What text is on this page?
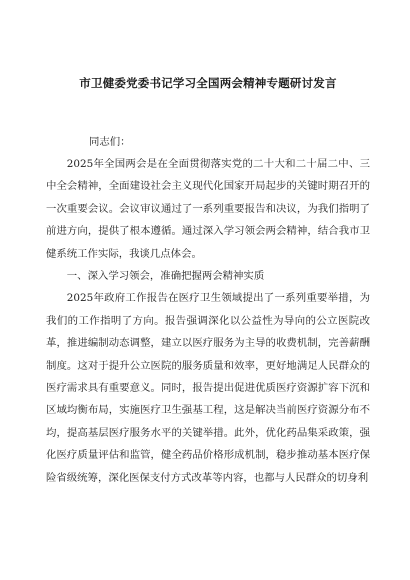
市卫健委党委书记学习全国两会精神专题研讨发言
同志们：

2025年全国两会是在全面贯彻落实党的二十大和二十届二中、三中全会精神，全面建设社会主义现代化国家开局起步的关键时期召开的一次重要会议。会议审议通过了一系列重要报告和决议，为我们指明了前进方向，提供了根本遵循。通过深入学习领会两会精神，结合我市卫健系统工作实际，我谈几点体会。

一、深入学习领会，准确把握两会精神实质

2025年政府工作报告在医疗卫生领域提出了一系列重要举措，为我们的工作指明了方向。报告强调深化以公益性为导向的公立医院改革，推进编制动态调整，建立以医疗服务为主导的收费机制，完善薪酬制度。这对于提升公立医院的服务质量和效率，更好地满足人民群众的医疗需求具有重要意义。同时，报告提出促进优质医疗资源扩容下沉和区域均衡布局，实施医疗卫生强基工程，这是解决当前医疗资源分布不均，提高基层医疗服务水平的关键举措。此外，优化药品集采政策，强化医疗质量评估和监管，健全药品价格形成机制，稳步推动基本医疗保险省级统筹，深化医保支付方式改革等内容，也都与人民群众的切身利
